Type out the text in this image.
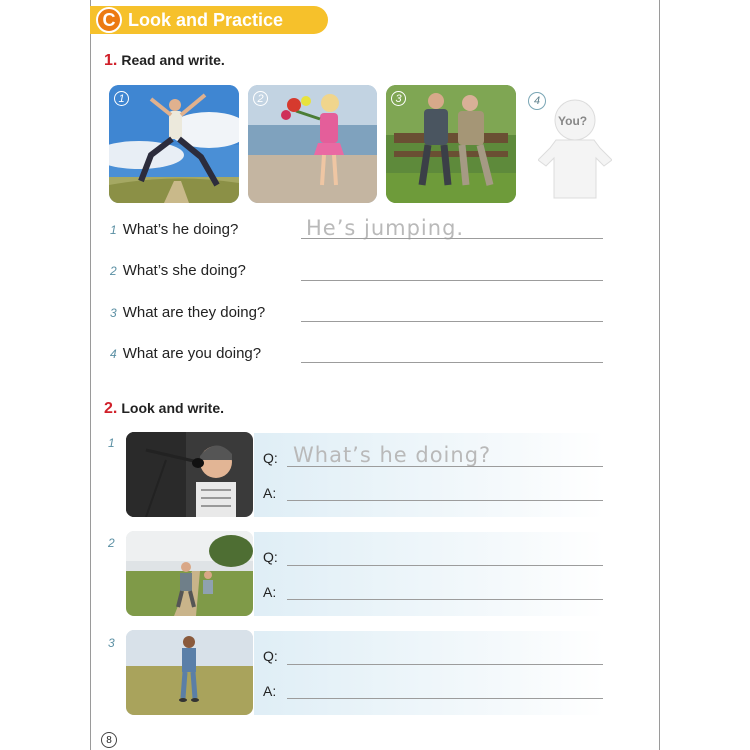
C Look and Practice
1. Read and write.
1	2	3	4
You?
1 What’s he doing?	He’s jumping.
2 What’s she doing?
3 What are they doing?
4 What are you doing?
2. Look and write.
1
Q: What’s he doing?
A:
2
Q:
A:
3
Q:
A:
8
